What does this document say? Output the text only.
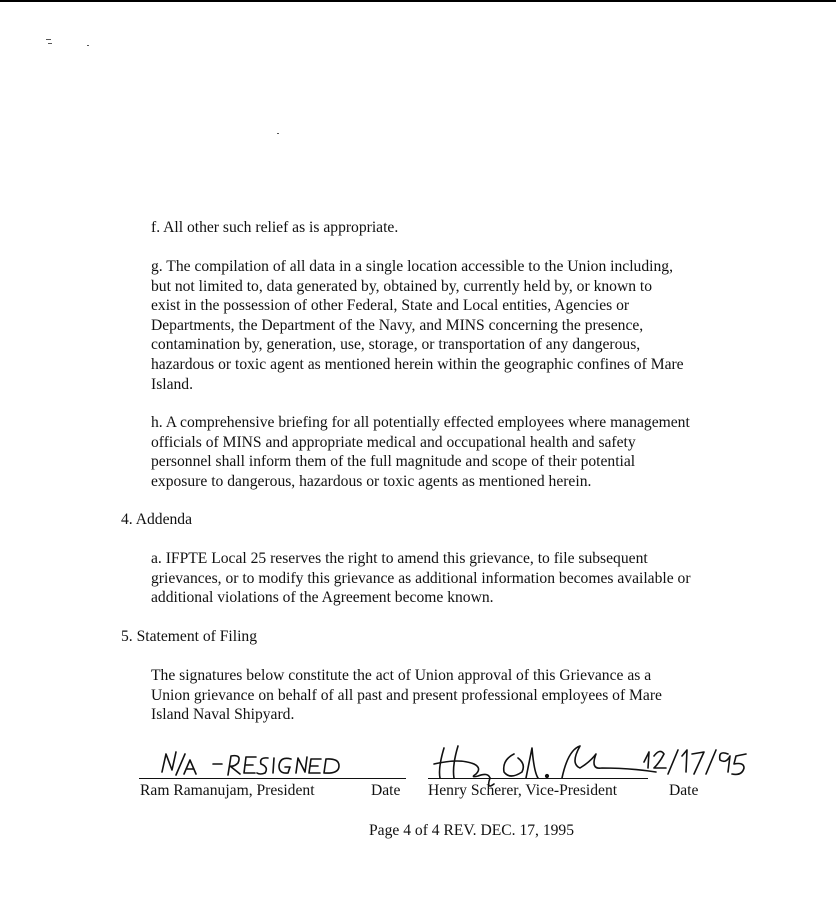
f. All other such relief as is appropriate.
g. The compilation of all data in a single location accessible to the Union including,
but not limited to, data generated by, obtained by, currently held by, or known to
exist in the possession of other Federal, State and Local entities, Agencies or
Departments, the Department of the Navy, and MINS concerning the presence,
contamination by, generation, use, storage, or transportation of any dangerous,
hazardous or toxic agent as mentioned herein within the geographic confines of Mare
Island.
h. A comprehensive briefing for all potentially effected employees where management
officials of MINS and appropriate medical and occupational health and safety
personnel shall inform them of the full magnitude and scope of their potential
exposure to dangerous, hazardous or toxic agents as mentioned herein.
4. Addenda
a. IFPTE Local 25 reserves the right to amend this grievance, to file subsequent
grievances, or to modify this grievance as additional information becomes available or
additional violations of the Agreement become known.
5. Statement of Filing
The signatures below constitute the act of Union approval of this Grievance as a
Union grievance on behalf of all past and present professional employees of Mare
Island Naval Shipyard.
Ram Ramanujam, President	Date Henry Scherer, Vice-President	Date
Page 4 of 4 REV. DEC. 17, 1995
